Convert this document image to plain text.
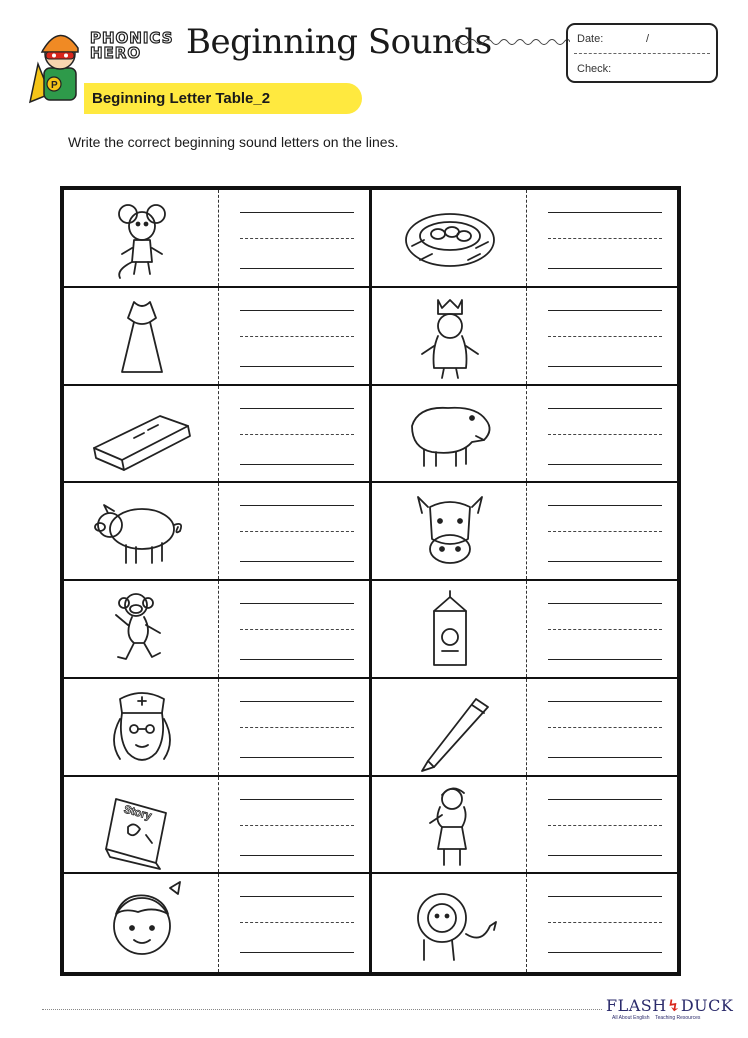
P
PHONICS
HERO	Beginning Sounds	Date:	/
Check:
Beginning Letter Table_2
Write the correct beginning sound letters on the lines.
Story
FLASH↯DUCK
All About English Teaching Resources
